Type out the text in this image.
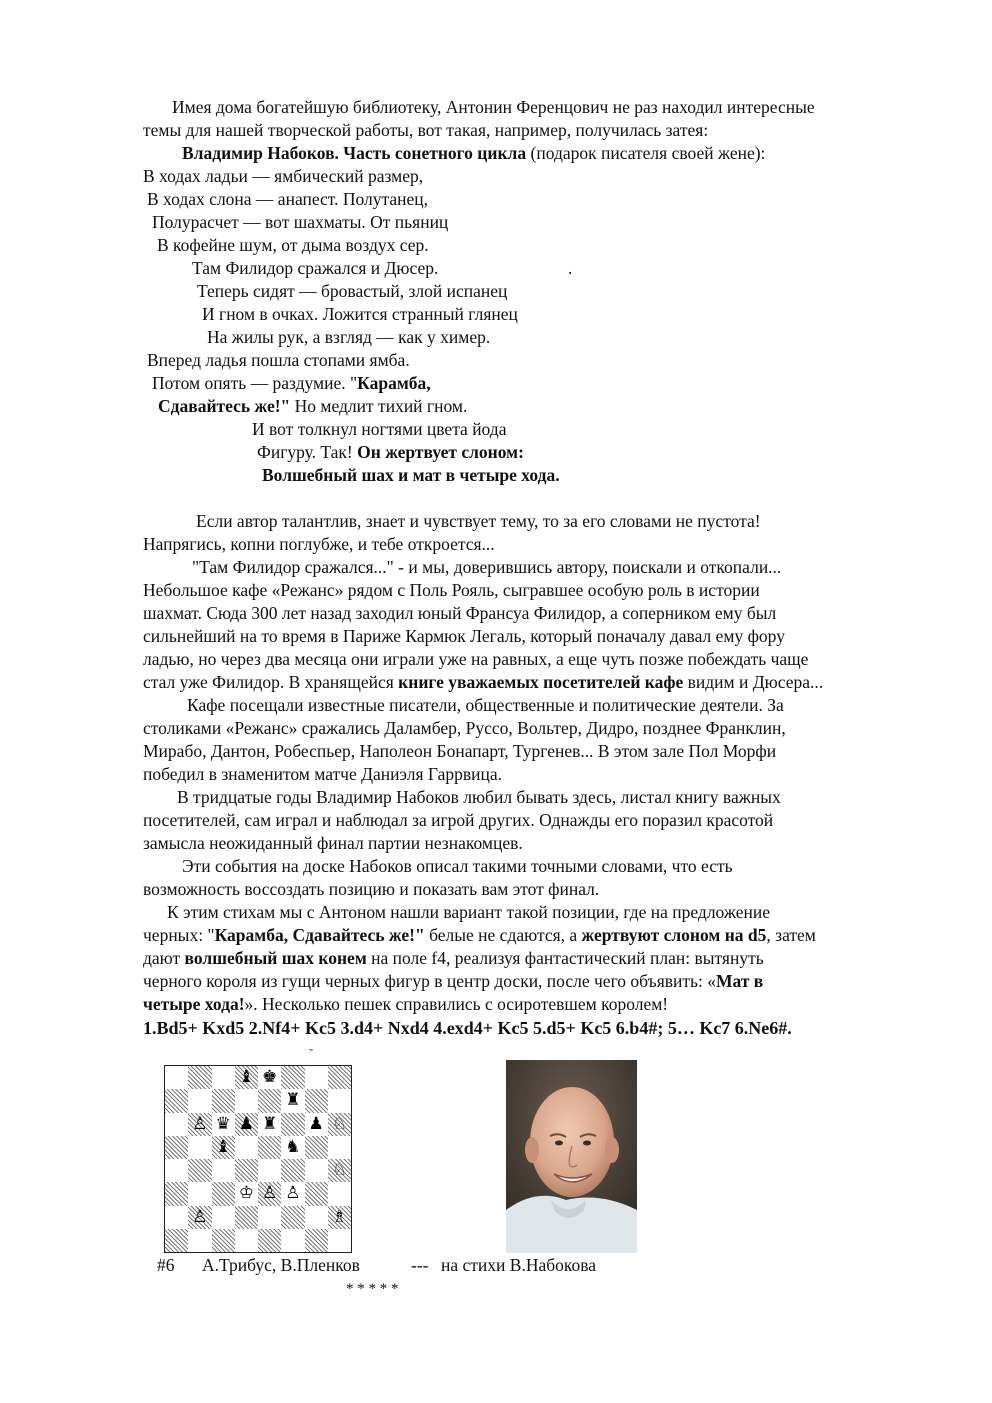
Имея дома богатейшую библиотеку, Антонин Ференцович не раз находил интересные
темы для нашей творческой работы, вот такая, например, получилась затея:
Владимир Набоков. Часть сонетного цикла (подарок писателя своей жене):
В ходах ладьи — ямбический размер,
В ходах слона — анапест. Полутанец,
Полурасчет — вот шахматы. От пьяниц
В кофейне шум, от дыма воздух сер.
Там Филидор сражался и Дюсер.	.
Теперь сидят — бровастый, злой испанец
И гном в очках. Ложится странный глянец
На жилы рук, а взгляд — как у химер.
Вперед ладья пошла стопами ямба.
Потом опять — раздумие. "Карамба,
Сдавайтесь же!" Но медлит тихий гном.
И вот толкнул ногтями цвета йода
Фигуру. Так! Он жертвует слоном:
Волшебный шах и мат в четыре хода.
Если автор талантлив, знает и чувствует тему, то за его словами не пустота!
Напрягись, копни поглубже, и тебе откроется...
"Там Филидор сражался..." - и мы, доверившись автору, поискали и откопали...
Небольшое кафе «Режанс» рядом с Поль Рояль, сыгравшее особую роль в истории
шахмат. Сюда 300 лет назад заходил юный Франсуа Филидор, а соперником ему был
сильнейший на то время в Париже Кармюк Легаль, который поначалу давал ему фору
ладью, но через два месяца они играли уже на равных, а еще чуть позже побеждать чаще
стал уже Филидор. В хранящейся книге уважаемых посетителей кафе видим и Дюсера...
Кафе посещали известные писатели, общественные и политические деятели. За
столиками «Режанс» сражались Даламбер, Руссо, Вольтер, Дидро, позднее Франклин,
Мирабо, Дантон, Робеспьер, Наполеон Бонапарт, Тургенев... В этом зале Пол Морфи
победил в знаменитом матче Даниэля Гаррвица.
В тридцатые годы Владимир Набоков любил бывать здесь, листал книгу важных
посетителей, сам играл и наблюдал за игрой других. Однажды его поразил красотой
замысла неожиданный финал партии незнакомцев.
Эти события на доске Набоков описал такими точными словами, что есть
возможность воссоздать позицию и показать вам этот финал.
К этим стихам мы с Антоном нашли вариант такой позиции, где на предложение
черных: "Карамба, Сдавайтесь же!" белые не сдаются, а жертвуют слоном на d5, затем
дают волшебный шах конем на поле f4, реализуя фантастический план: вытянуть
черного короля из гущи черных фигур в центр доски, после чего объявить: «Мат в
четыре хода!». Несколько пешек справились с осиротевшем королем!
1.Bd5+ Kxd5 2.Nf4+ Kc5 3.d4+ Nxd4 4.exd4+ Kc5 5.d5+ Kc5 6.b4#; 5… Kc7 6.Ne6#.
˜
♝ ♚
♜
♙ ♛ ♟ ♜ ♟ ♘
♝	♞
♘
♔ ♙ ♙
♙	♗
#6 А.Трибус, В.Пленков	--- на стихи В.Набокова
* * * * *
